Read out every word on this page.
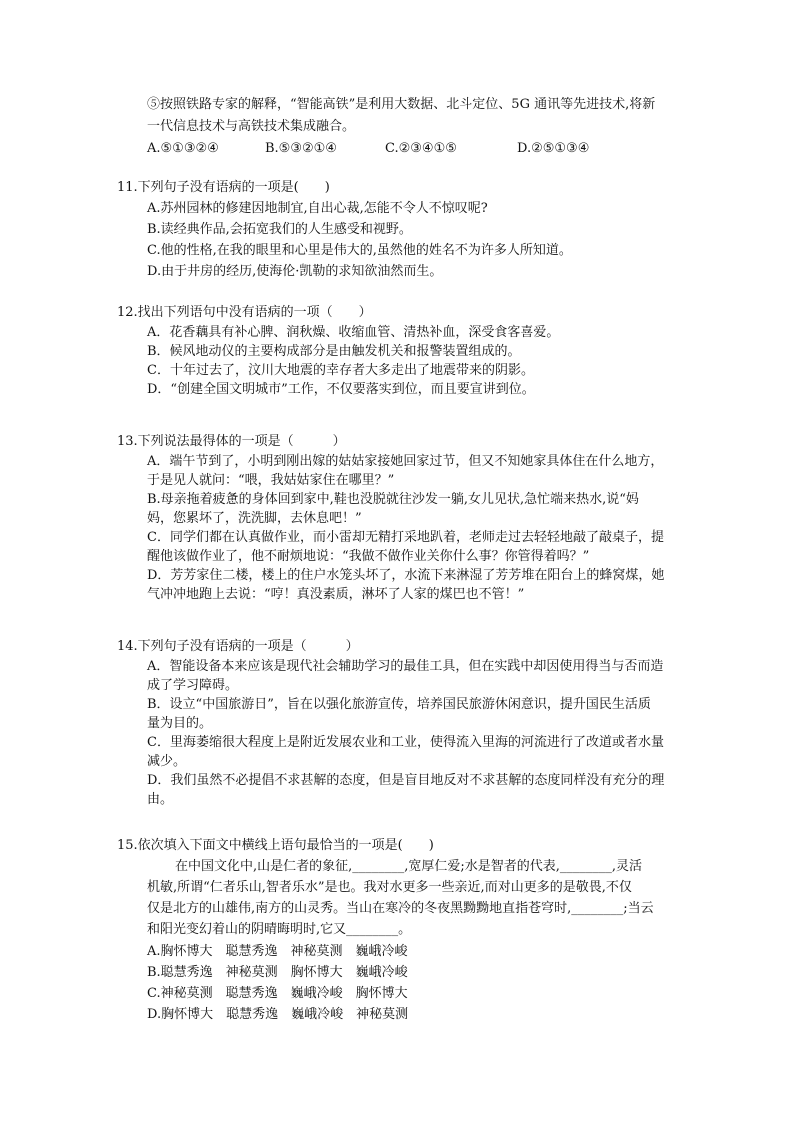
⑤按照铁路专家的解释，“智能高铁”是利用大数据、北斗定位、5G 通讯等先进技术,将新
一代信息技术与高铁技术集成融合。
A.⑤①③②④	B.⑤③②①④	C.②③④①⑤	D.②⑤①③④
11.下列句子没有语病的一项是(　　)
A.苏州园林的修建因地制宜,自出心裁,怎能不令人不惊叹呢?
B.读经典作品,会拓宽我们的人生感受和视野。
C.他的性格,在我的眼里和心里是伟大的,虽然他的姓名不为许多人所知道。
D.由于井房的经历,使海伦·凯勒的求知欲油然而生。
12.找出下列语句中没有语病的一项（　　）
A．花香藕具有补心脾、润秋燥、收缩血管、清热补血，深受食客喜爱。
B．候风地动仪的主要构成部分是由触发机关和报警装置组成的。
C．十年过去了，汶川大地震的幸存者大多走出了地震带来的阴影。
D．“创建全国文明城市”工作，不仅要落实到位，而且要宣讲到位。
13.下列说法最得体的一项是（　　　）
A．端午节到了，小明到刚出嫁的姑姑家接她回家过节，但又不知她家具体住在什么地方，
于是见人就问：“喂，我姑姑家住在哪里？”
B.母亲拖着疲惫的身体回到家中,鞋也没脱就往沙发一躺,女儿见状,急忙端来热水,说“妈
妈，您累坏了，洗洗脚，去休息吧！”
C．同学们都在认真做作业，而小雷却无精打采地趴着，老师走过去轻轻地敲了敲桌子，提
醒他该做作业了，他不耐烦地说：“我做不做作业关你什么事？你管得着吗？”
D．芳芳家住二楼，楼上的住户水笼头坏了，水流下来淋湿了芳芳堆在阳台上的蜂窝煤，她
气冲冲地跑上去说：“哼！真没素质，淋坏了人家的煤巴也不管！”
14.下列句子没有语病的一项是（　　　）
A．智能设备本来应该是现代社会辅助学习的最佳工具，但在实践中却因使用得当与否而造
成了学习障碍。
B．设立“中国旅游日”，旨在以强化旅游宣传，培养国民旅游休闲意识，提升国民生活质
量为目的。
C．里海萎缩很大程度上是附近发展农业和工业，使得流入里海的河流进行了改道或者水量
减少。
D．我们虽然不必提倡不求甚解的态度，但是盲目地反对不求甚解的态度同样没有充分的理
由。
15.依次填入下面文中横线上语句最恰当的一项是(　　)
在中国文化中,山是仁者的象征,________,宽厚仁爱;水是智者的代表,________,灵活
机敏,所谓“仁者乐山,智者乐水”是也。我对水更多一些亲近,而对山更多的是敬畏,不仅
仅是北方的山雄伟,南方的山灵秀。当山在寒冷的冬夜黑黝黝地直指苍穹时,________;当云
和阳光变幻着山的阴晴晦明时,它又________。
A.胸怀博大　聪慧秀逸　神秘莫测　巍峨冷峻
B.聪慧秀逸　神秘莫测　胸怀博大　巍峨冷峻
C.神秘莫测　聪慧秀逸　巍峨冷峻　胸怀博大
D.胸怀博大　聪慧秀逸　巍峨冷峻　神秘莫测
